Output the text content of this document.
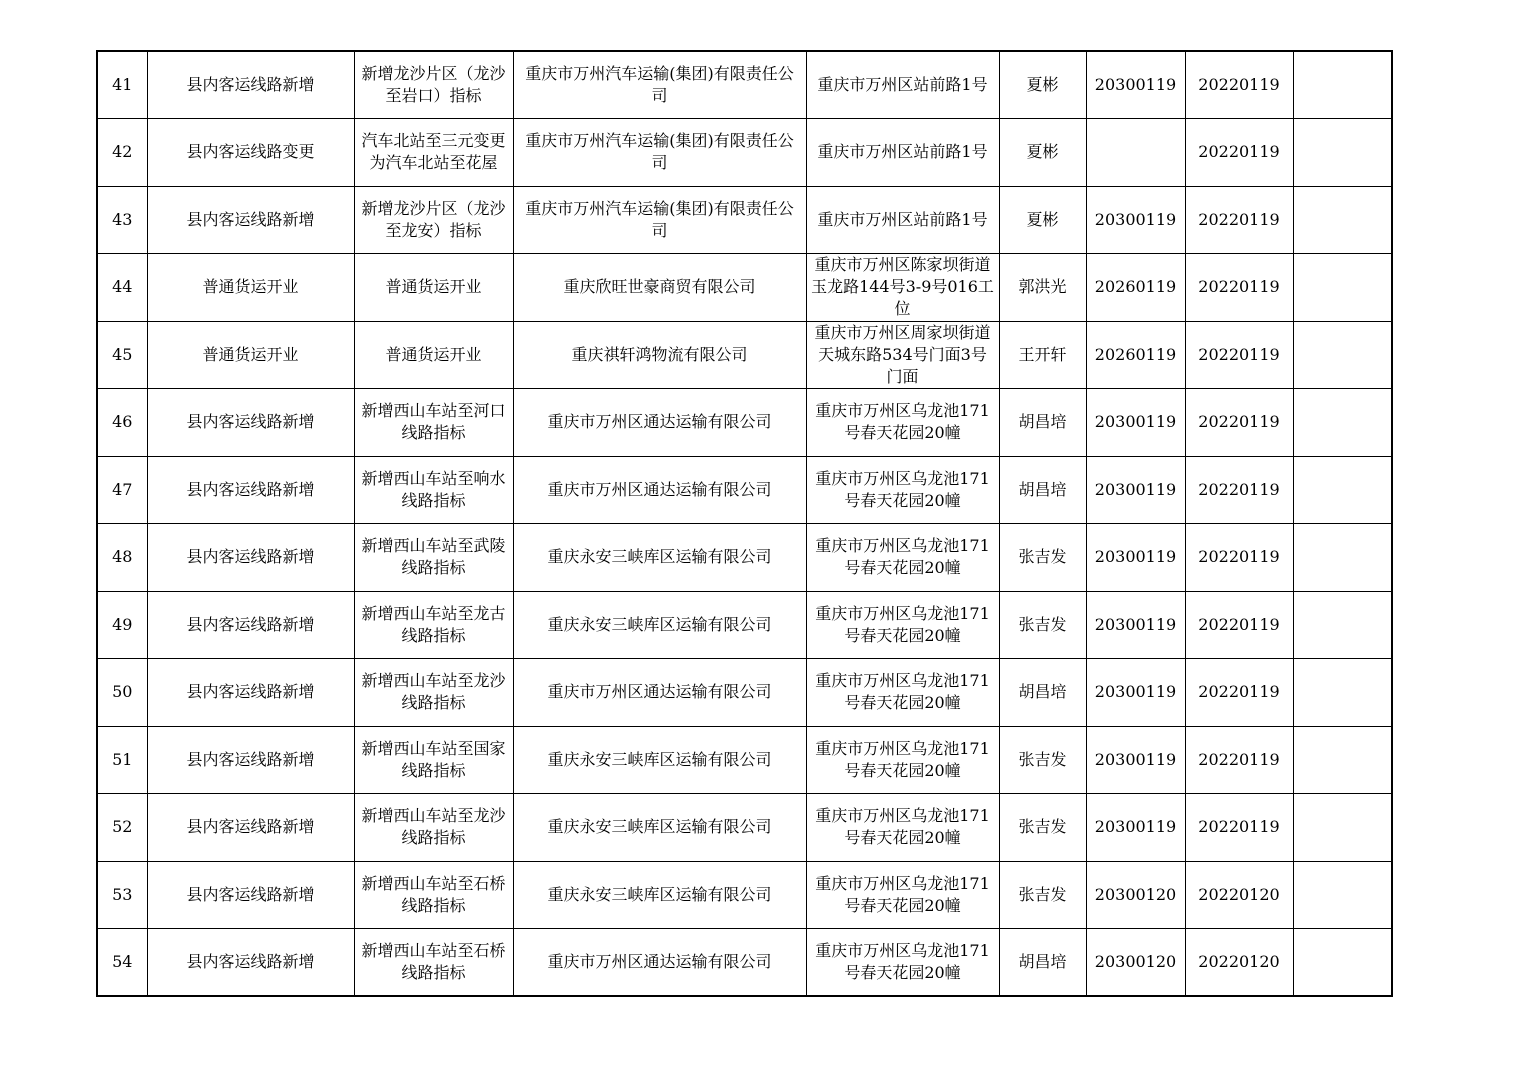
41	县内客运线路新增	新增龙沙片区（龙沙至岩口）指标	重庆市万州汽车运输(集团)有限责任公司	重庆市万州区站前路1号	夏彬	20300119	20220119	
42	县内客运线路变更	汽车北站至三元变更为汽车北站至花屋	重庆市万州汽车运输(集团)有限责任公司	重庆市万州区站前路1号	夏彬		20220119	
43	县内客运线路新增	新增龙沙片区（龙沙至龙安）指标	重庆市万州汽车运输(集团)有限责任公司	重庆市万州区站前路1号	夏彬	20300119	20220119	
44	普通货运开业	普通货运开业	重庆欣旺世豪商贸有限公司	重庆市万州区陈家坝街道玉龙路144号3-9号016工位	郭洪光	20260119	20220119	
45	普通货运开业	普通货运开业	重庆祺轩鸿物流有限公司	重庆市万州区周家坝街道天城东路534号门面3号门面	王开轩	20260119	20220119	
46	县内客运线路新增	新增西山车站至河口线路指标	重庆市万州区通达运输有限公司	重庆市万州区乌龙池171号春天花园20幢	胡昌培	20300119	20220119	
47	县内客运线路新增	新增西山车站至响水线路指标	重庆市万州区通达运输有限公司	重庆市万州区乌龙池171号春天花园20幢	胡昌培	20300119	20220119	
48	县内客运线路新增	新增西山车站至武陵线路指标	重庆永安三峡库区运输有限公司	重庆市万州区乌龙池171号春天花园20幢	张吉发	20300119	20220119	
49	县内客运线路新增	新增西山车站至龙古线路指标	重庆永安三峡库区运输有限公司	重庆市万州区乌龙池171号春天花园20幢	张吉发	20300119	20220119	
50	县内客运线路新增	新增西山车站至龙沙线路指标	重庆市万州区通达运输有限公司	重庆市万州区乌龙池171号春天花园20幢	胡昌培	20300119	20220119	
51	县内客运线路新增	新增西山车站至国家线路指标	重庆永安三峡库区运输有限公司	重庆市万州区乌龙池171号春天花园20幢	张吉发	20300119	20220119	
52	县内客运线路新增	新增西山车站至龙沙线路指标	重庆永安三峡库区运输有限公司	重庆市万州区乌龙池171号春天花园20幢	张吉发	20300119	20220119	
53	县内客运线路新增	新增西山车站至石桥线路指标	重庆永安三峡库区运输有限公司	重庆市万州区乌龙池171号春天花园20幢	张吉发	20300120	20220120	
54	县内客运线路新增	新增西山车站至石桥线路指标	重庆市万州区通达运输有限公司	重庆市万州区乌龙池171号春天花园20幢	胡昌培	20300120	20220120	
